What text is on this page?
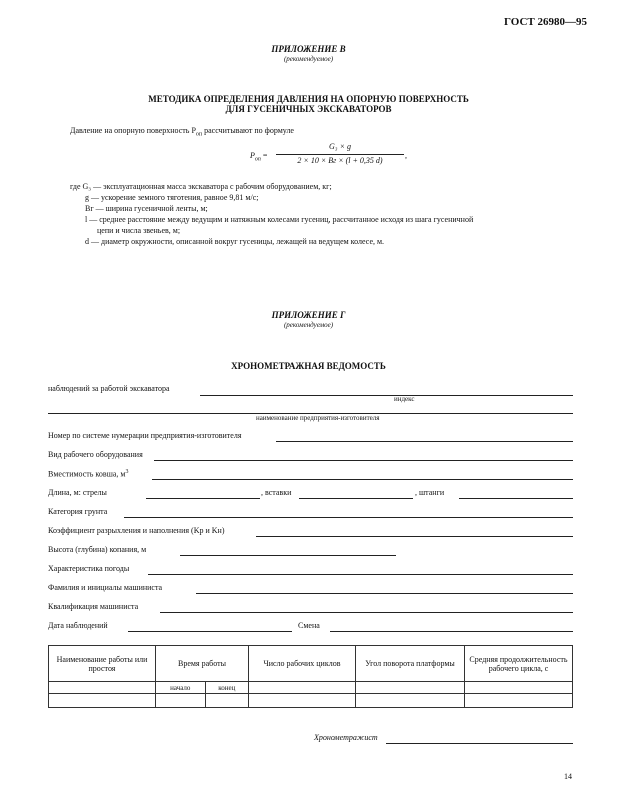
ГОСТ 26980—95
ПРИЛОЖЕНИЕ В
(рекомендуемое)
МЕТОДИКА ОПРЕДЕЛЕНИЯ ДАВЛЕНИЯ НА ОПОРНУЮ ПОВЕРХНОСТЬ
ДЛЯ ГУСЕНИЧНЫХ ЭКСКАВАТОРОВ
Давление на опорную поверхность $P_{оп}$ рассчитывают по формуле
$P_{оп}$ =
G₃ × g
2 × 10 × Bг × (l + 0,35 d)
,
где G₃ — эксплуатационная масса экскаватора с рабочим оборудованием, кг;
g — ускорение земного тяготения, равное 9,81 м/с;
Bг — ширина гусеничной ленты, м;
l — среднее расстояние между ведущим и натяжным колесами гусениц, рассчитанное исходя из шага гусеничной
цепи и числа звеньев, м;
d — диаметр окружности, описанной вокруг гусеницы, лежащей на ведущем колесе, м.
ПРИЛОЖЕНИЕ Г
(рекомендуемое)
ХРОНОМЕТРАЖНАЯ ВЕДОМОСТЬ
наблюдений за работой экскаватора
индекс
наименование предприятия-изготовителя
Номер по системе нумерации предприятия-изготовителя
Вид рабочего оборудования
Вместимость ковша, $м^3$
Длина, м: стрелы	, вставки	, штанги
Категория грунта
Коэффициент разрыхления и наполнения (Kр и Kн)
Высота (глубина) копания, м
Характеристика погоды
Фамилия и инициалы машиниста
Квалификация машиниста
Дата наблюдений	Смена
Наименование работы или простоя	Время работы		Число рабочих циклов	Угол поворота платформы	Средняя продолжительность рабочего цикла, с
	начало	конец			

Хронометражист
14
